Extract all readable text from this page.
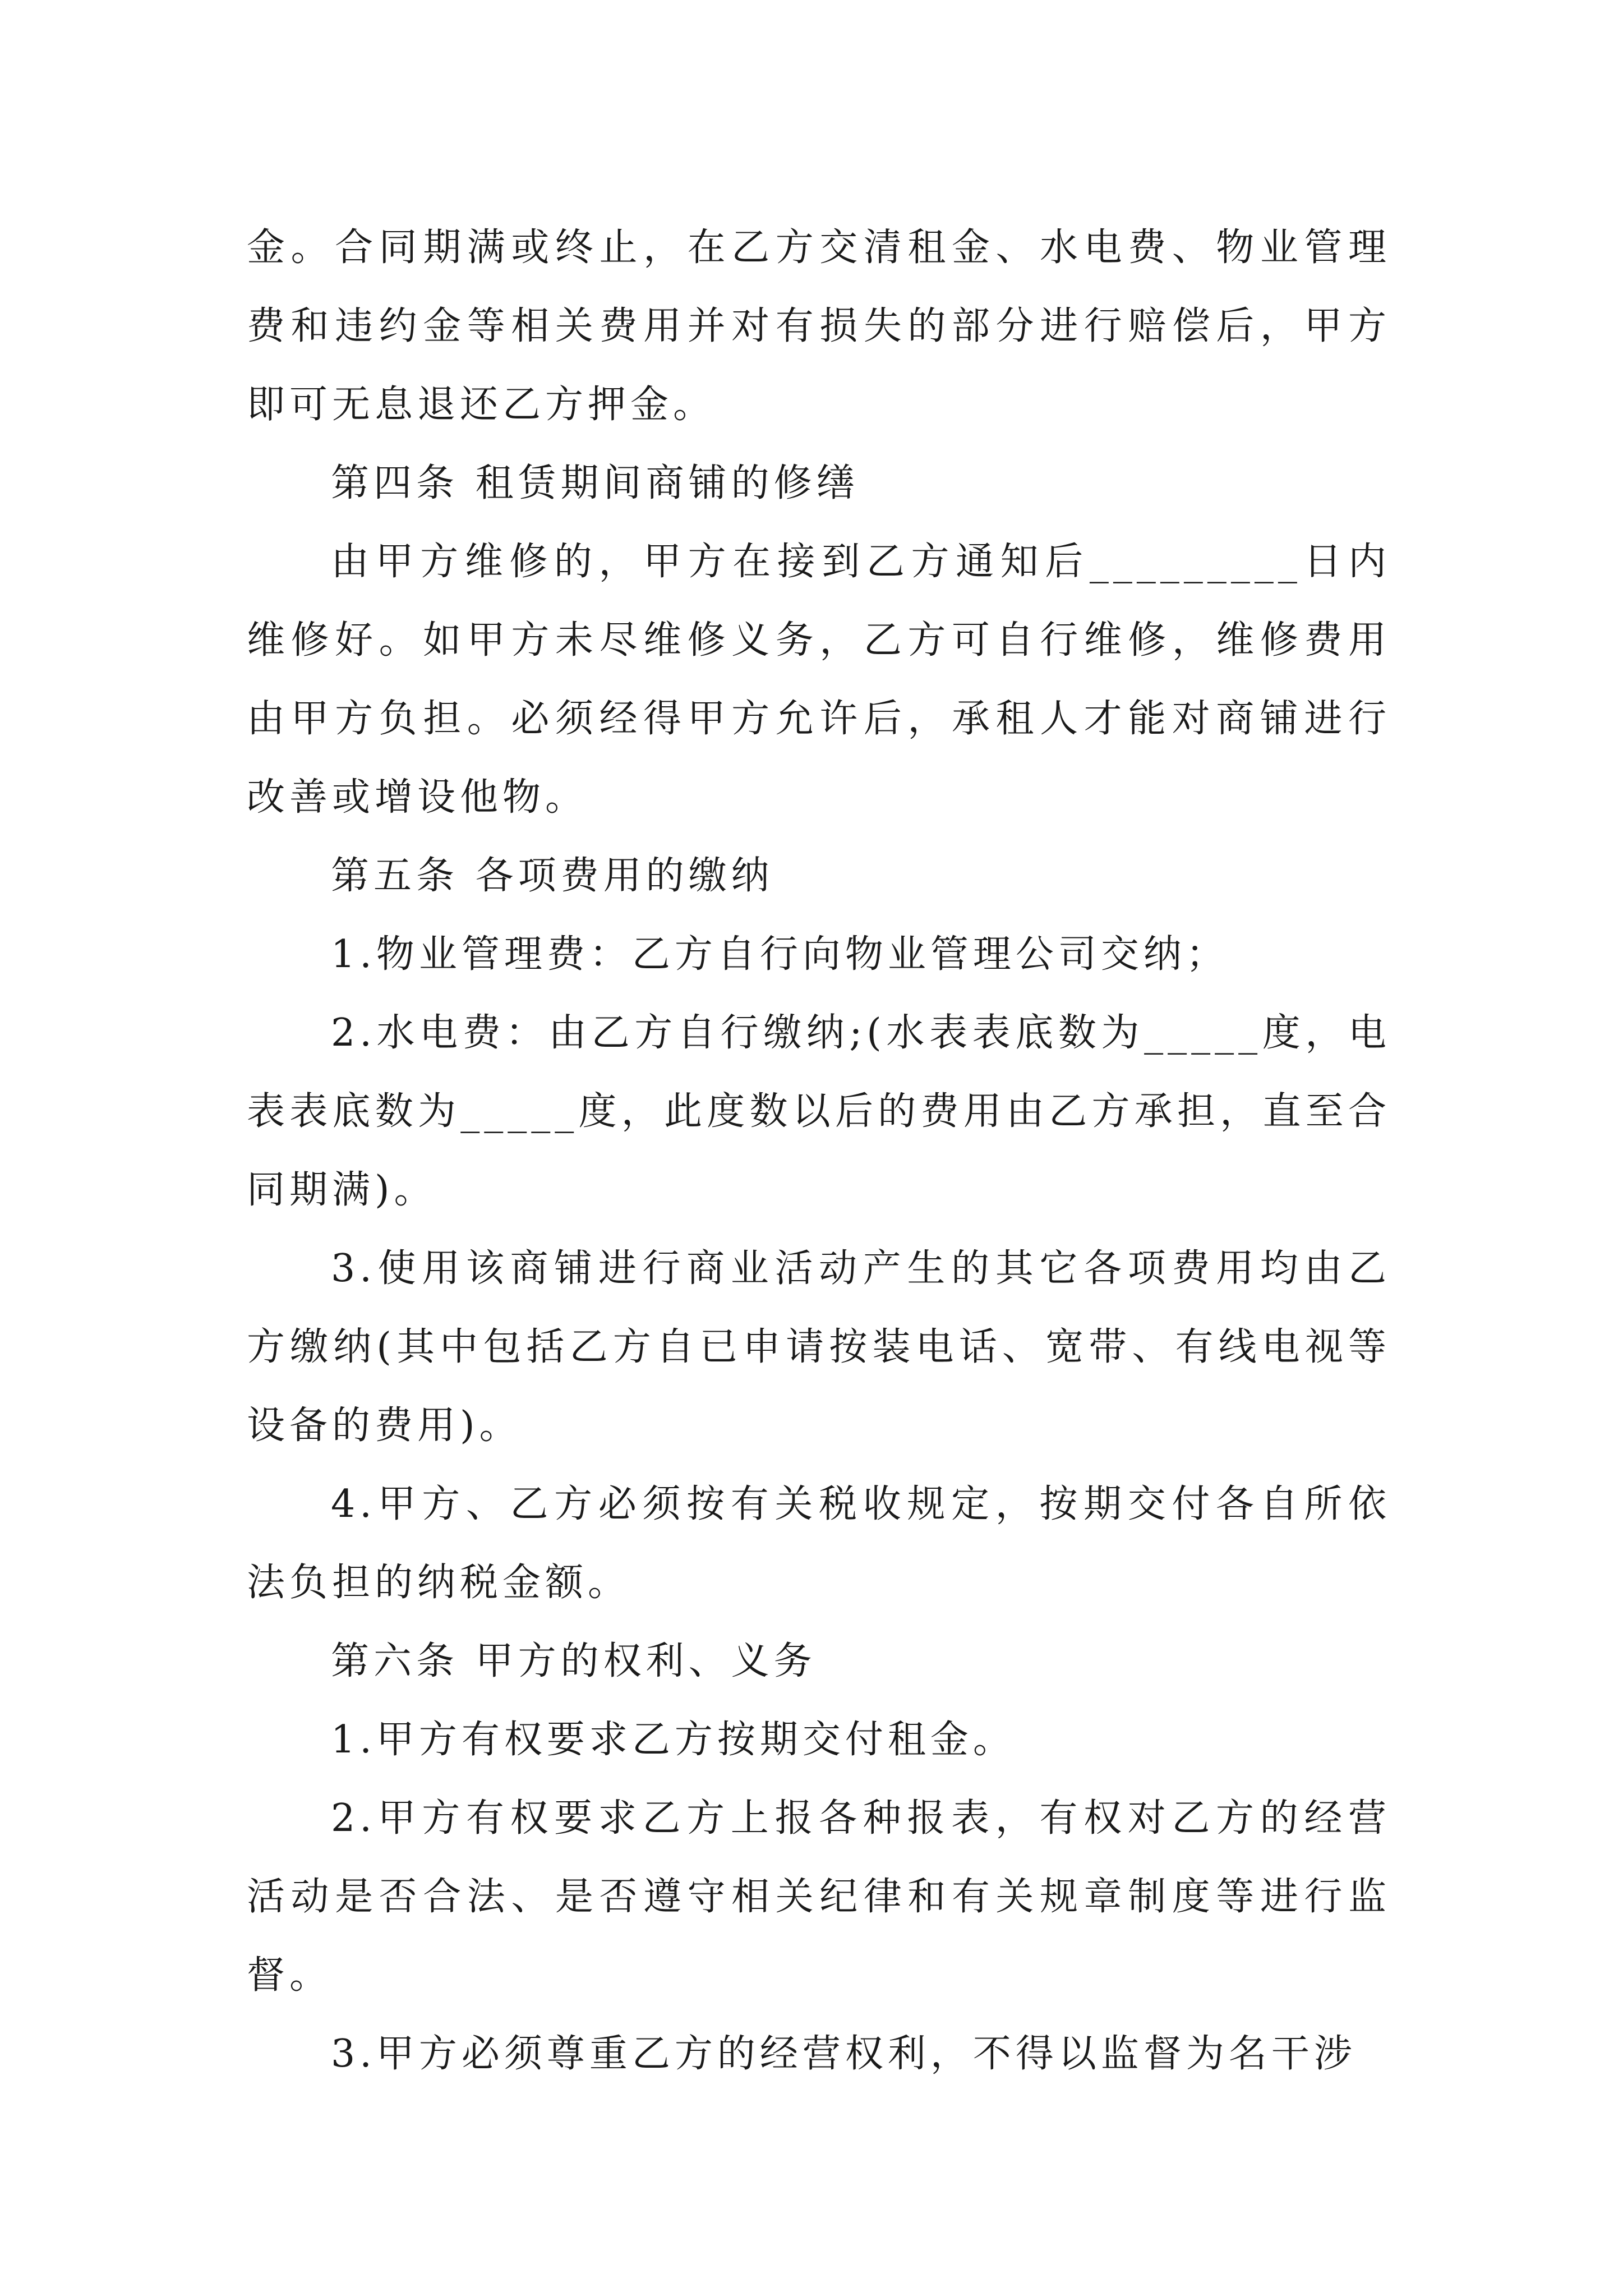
金。合同期满或终止，在乙方交清租金、水电费、物业管理费和违约金等相关费用并对有损失的部分进行赔偿后，甲方即可无息退还乙方押金。

第四条 租赁期间商铺的修缮

由甲方维修的，甲方在接到乙方通知后_________日内维修好。如甲方未尽维修义务，乙方可自行维修，维修费用由甲方负担。必须经得甲方允许后，承租人才能对商铺进行改善或增设他物。

第五条 各项费用的缴纳

1.物业管理费：乙方自行向物业管理公司交纳；

2.水电费：由乙方自行缴纳;(水表表底数为_____度，电表表底数为_____度，此度数以后的费用由乙方承担，直至合同期满)。

3.使用该商铺进行商业活动产生的其它各项费用均由乙方缴纳(其中包括乙方自已申请按装电话、宽带、有线电视等设备的费用)。

4.甲方、乙方必须按有关税收规定，按期交付各自所依法负担的纳税金额。

第六条 甲方的权利、义务

1.甲方有权要求乙方按期交付租金。

2.甲方有权要求乙方上报各种报表，有权对乙方的经营活动是否合法、是否遵守相关纪律和有关规章制度等进行监督。

3.甲方必须尊重乙方的经营权利，不得以监督为名干涉
